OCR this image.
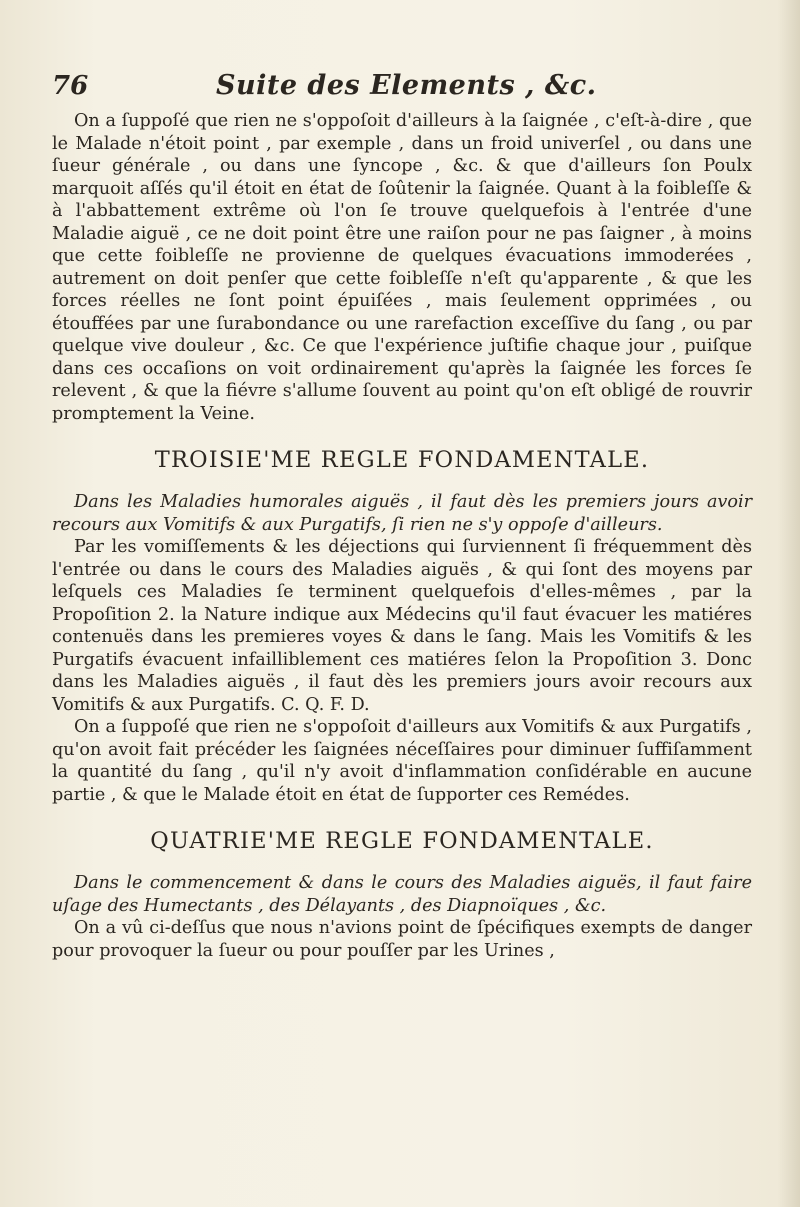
76	Suite des Elements , &c.

On a ſuppoſé que rien ne s'oppoſoit d'ailleurs à la ſaignée , c'eſt-à-dire , que le Malade n'étoit point , par exemple , dans un froid univerſel , ou dans une ſueur générale , ou dans une ſyncope , &c. & que d'ailleurs ſon Poulx marquoit aſſés qu'il étoit en état de ſoûtenir la ſaignée. Quant à la foibleſſe & à l'abbattement extrême où l'on ſe trouve quelquefois à l'entrée d'une Maladie aiguë , ce ne doit point être une raiſon pour ne pas ſaigner , à moins que cette foibleſſe ne provienne de quelques évacuations immoderées , autrement on doit penſer que cette foibleſſe n'eſt qu'apparente , & que les forces réelles ne ſont point épuiſées , mais ſeulement opprimées , ou étouffées par une ſurabondance ou une rarefaction exceſſive du ſang , ou par quelque vive douleur , &c. Ce que l'expérience juſtifie chaque jour , puiſque dans ces occaſions on voit ordinairement qu'après la ſaignée les forces ſe relevent , & que la fiévre s'allume ſouvent au point qu'on eſt obligé de rouvrir promptement la Veine.

TROISIE'ME REGLE FONDAMENTALE.

Dans les Maladies humorales aiguës , il faut dès les premiers jours avoir recours aux Vomitifs & aux Purgatifs, ſi rien ne s'y oppoſe d'ailleurs.

Par les vomiſſements & les déjections qui ſurviennent ſi fréquemment dès l'entrée ou dans le cours des Maladies aiguës , & qui ſont des moyens par leſquels ces Maladies ſe terminent quelquefois d'elles-mêmes , par la Propoſition 2. la Nature indique aux Médecins qu'il faut évacuer les matiéres contenuës dans les premieres voyes & dans le ſang. Mais les Vomitifs & les Purgatifs évacuent infailliblement ces matiéres ſelon la Propoſition 3. Donc dans les Maladies aiguës , il faut dès les premiers jours avoir recours aux Vomitifs & aux Purgatifs. C. Q. F. D.

On a ſuppoſé que rien ne s'oppoſoit d'ailleurs aux Vomitifs & aux Purgatifs , qu'on avoit fait précéder les ſaignées néceſſaires pour diminuer ſuffiſamment la quantité du ſang , qu'il n'y avoit d'inflammation conſidérable en aucune partie , & que le Malade étoit en état de ſupporter ces Remédes.

QUATRIE'ME REGLE FONDAMENTALE.

Dans le commencement & dans le cours des Maladies aiguës, il faut faire uſage des Humectants , des Délayants , des Diapnoïques , &c.

On a vû ci-deſſus que nous n'avions point de ſpécifiques exempts de danger pour provoquer la ſueur ou pour pouſſer par les Urines ,
